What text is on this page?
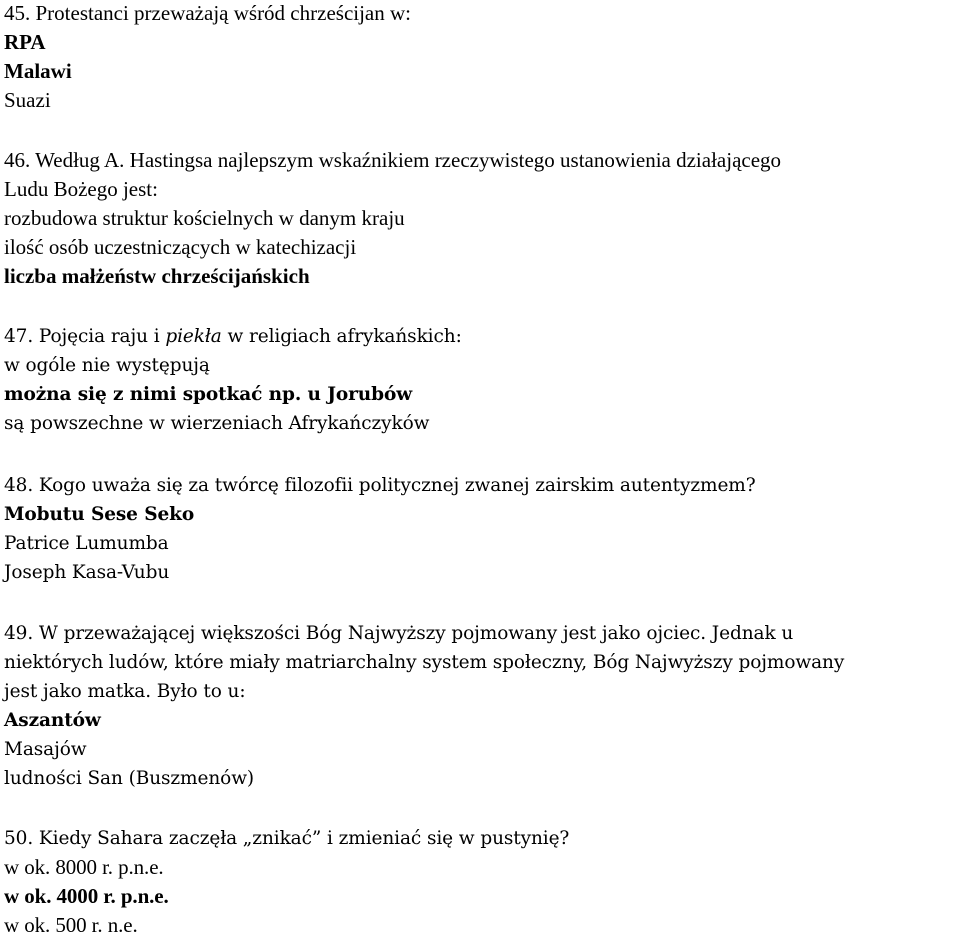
45. Protestanci przeważają wśród chrześcijan w:
RPA
Malawi
Suazi
46. Według A. Hastingsa najlepszym wskaźnikiem rzeczywistego ustanowienia działającego
Ludu Bożego jest:
rozbudowa struktur kościelnych w danym kraju
ilość osób uczestniczących w katechizacji
liczba małżeństw chrześcijańskich
47. Pojęcia raju i piekła w religiach afrykańskich:
w ogóle nie występują
można się z nimi spotkać np. u Jorubów
są powszechne w wierzeniach Afrykańczyków
48. Kogo uważa się za twórcę filozofii politycznej zwanej zairskim autentyzmem?
Mobutu Sese Seko
Patrice Lumumba
Joseph Kasa-Vubu
49. W przeważającej większości Bóg Najwyższy pojmowany jest jako ojciec. Jednak u
niektórych ludów, które miały matriarchalny system społeczny, Bóg Najwyższy pojmowany
jest jako matka. Było to u:
Aszantów
Masajów
ludności San (Buszmenów)
50. Kiedy Sahara zaczęła „znikać” i zmieniać się w pustynię?
w ok. 8000 r. p.n.e.
w ok. 4000 r. p.n.e.
w ok. 500 r. n.e.
